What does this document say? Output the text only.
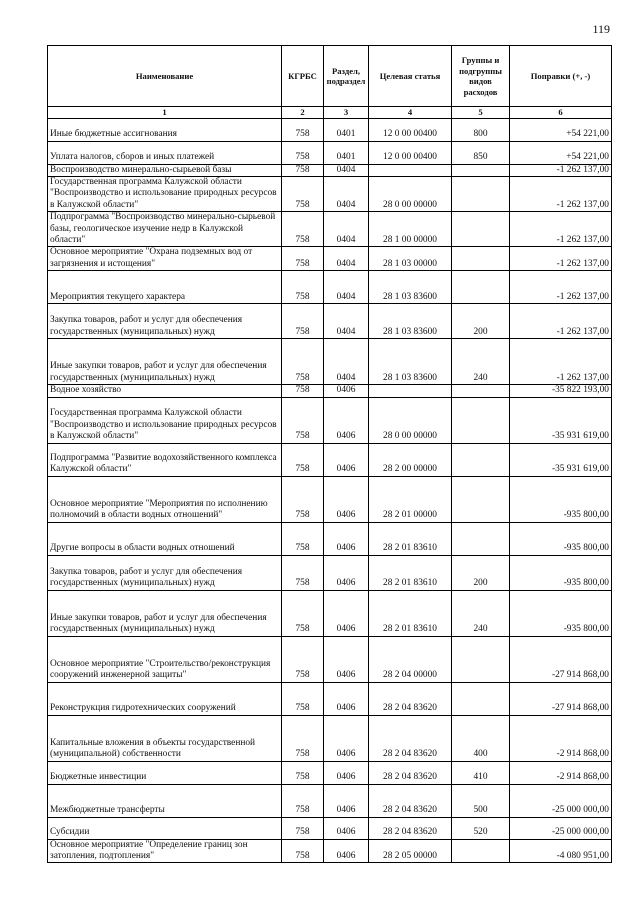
119
Наименование	КГРБС	Раздел, подраздел	Целевая статья	Группы и подгруппы видов расходов	Поправки (+, -)
1	2	3	4	5	6
Иные бюджетные ассигнования	758	0401	12 0 00 00400	800	+54 221,00
Уплата налогов, сборов и иных платежей	758	0401	12 0 00 00400	850	+54 221,00
Воспроизводство минерально-сырьевой базы	758	0404			-1 262 137,00
Государственная программа Калужской области "Воспроизводство и использование природных ресурсов в Калужской области"	758	0404	28 0 00 00000		-1 262 137,00
Подпрограмма "Воспроизводство минерально-сырьевой базы, геологическое изучение недр в Калужской области"	758	0404	28 1 00 00000		-1 262 137,00
Основное мероприятие "Охрана подземных вод от загрязнения и истощения"	758	0404	28 1 03 00000		-1 262 137,00
Мероприятия текущего характера	758	0404	28 1 03 83600		-1 262 137,00
Закупка товаров, работ и услуг для обеспечения государственных (муниципальных) нужд	758	0404	28 1 03 83600	200	-1 262 137,00
Иные закупки товаров, работ и услуг для обеспечения государственных (муниципальных) нужд	758	0404	28 1 03 83600	240	-1 262 137,00
Водное хозяйство	758	0406			-35 822 193,00
Государственная программа Калужской области "Воспроизводство и использование природных ресурсов в Калужской области"	758	0406	28 0 00 00000		-35 931 619,00
Подпрограмма "Развитие водохозяйственного комплекса Калужской области"	758	0406	28 2 00 00000		-35 931 619,00
Основное мероприятие "Мероприятия по исполнению полномочий в области водных отношений"	758	0406	28 2 01 00000		-935 800,00
Другие вопросы в области водных отношений	758	0406	28 2 01 83610		-935 800,00
Закупка товаров, работ и услуг для обеспечения государственных (муниципальных) нужд	758	0406	28 2 01 83610	200	-935 800,00
Иные закупки товаров, работ и услуг для обеспечения государственных (муниципальных) нужд	758	0406	28 2 01 83610	240	-935 800,00
Основное мероприятие "Строительство/реконструкция сооружений инженерной защиты"	758	0406	28 2 04 00000		-27 914 868,00
Реконструкция гидротехнических сооружений	758	0406	28 2 04 83620		-27 914 868,00
Капитальные вложения в объекты государственной (муниципальной) собственности	758	0406	28 2 04 83620	400	-2 914 868,00
Бюджетные инвестиции	758	0406	28 2 04 83620	410	-2 914 868,00
Межбюджетные трансферты	758	0406	28 2 04 83620	500	-25 000 000,00
Субсидии	758	0406	28 2 04 83620	520	-25 000 000,00
Основное мероприятие "Определение границ зон затопления, подтопления"	758	0406	28 2 05 00000		-4 080 951,00
